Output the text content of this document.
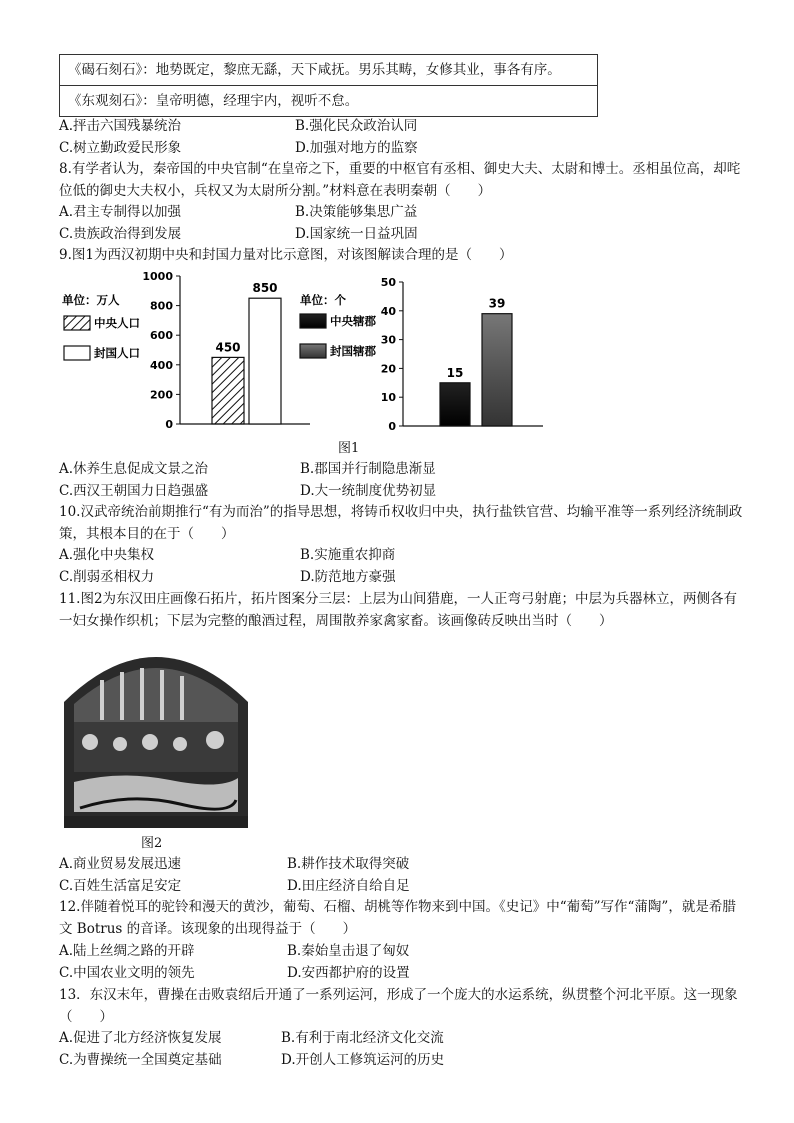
《碣石刻石》：地势既定，黎庶无繇，天下咸抚。男乐其畴，女修其业，事各有序。
《东观刻石》：皇帝明德，经理宇内，视听不怠。
A.抨击六国残暴统治	B.强化民众政治认同
C.树立勤政爱民形象	D.加强对地方的监察
8.有学者认为，秦帝国的中央官制“在皇帝之下，重要的中枢官有丞相、御史大夫、太尉和博士。丞相虽位高，却咤位低的御史大夫权小，兵权又为太尉所分割。”材料意在表明秦朝（　　）
A.君主专制得以加强	B.决策能够集思广益
C.贵族政治得到发展	D.国家统一日益巩固
9.图1为西汉初期中央和封国力量对比示意图，对该图解读合理的是（　　）
0
200
400
600
800
1000
450
850
单位：万人
中央人口
封国人口
0
10
20
30
40
50
15
39
单位：个
中央辖郡
封国辖郡
图1
A.休养生息促成文景之治	B.郡国并行制隐患渐显
C.西汉王朝国力日趋强盛	D.大一统制度优势初显
10.汉武帝统治前期推行“有为而治”的指导思想，将铸币权收归中央，执行盐铁官营、均输平准等一系列经济统制政策，其根本目的在于（　　）
A.强化中央集权	B.实施重农抑商
C.削弱丞相权力	D.防范地方豪强
11.图2为东汉田庄画像石拓片，拓片图案分三层：上层为山间猎鹿，一人正弯弓射鹿；中层为兵器林立，两侧各有一妇女操作织机；下层为完整的酿酒过程，周围散养家禽家畜。该画像砖反映出当时（　　）
图2
A.商业贸易发展迅速	B.耕作技术取得突破
C.百姓生活富足安定	D.田庄经济自给自足
12.伴随着悦耳的驼铃和漫天的黄沙，葡萄、石榴、胡桃等作物来到中国。《史记》中“葡萄”写作“蒲陶”，就是希腊文 Botrus 的音译。该现象的出现得益于（　　）
A.陆上丝绸之路的开辟	B.秦始皇击退了匈奴
C.中国农业文明的领先	D.安西都护府的设置
13．东汉末年，曹操在击败袁绍后开通了一系列运河，形成了一个庞大的水运系统，纵贯整个河北平原。这一现象（　　）
A.促进了北方经济恢复发展	B.有利于南北经济文化交流
C.为曹操统一全国奠定基础	D.开创人工修筑运河的历史
